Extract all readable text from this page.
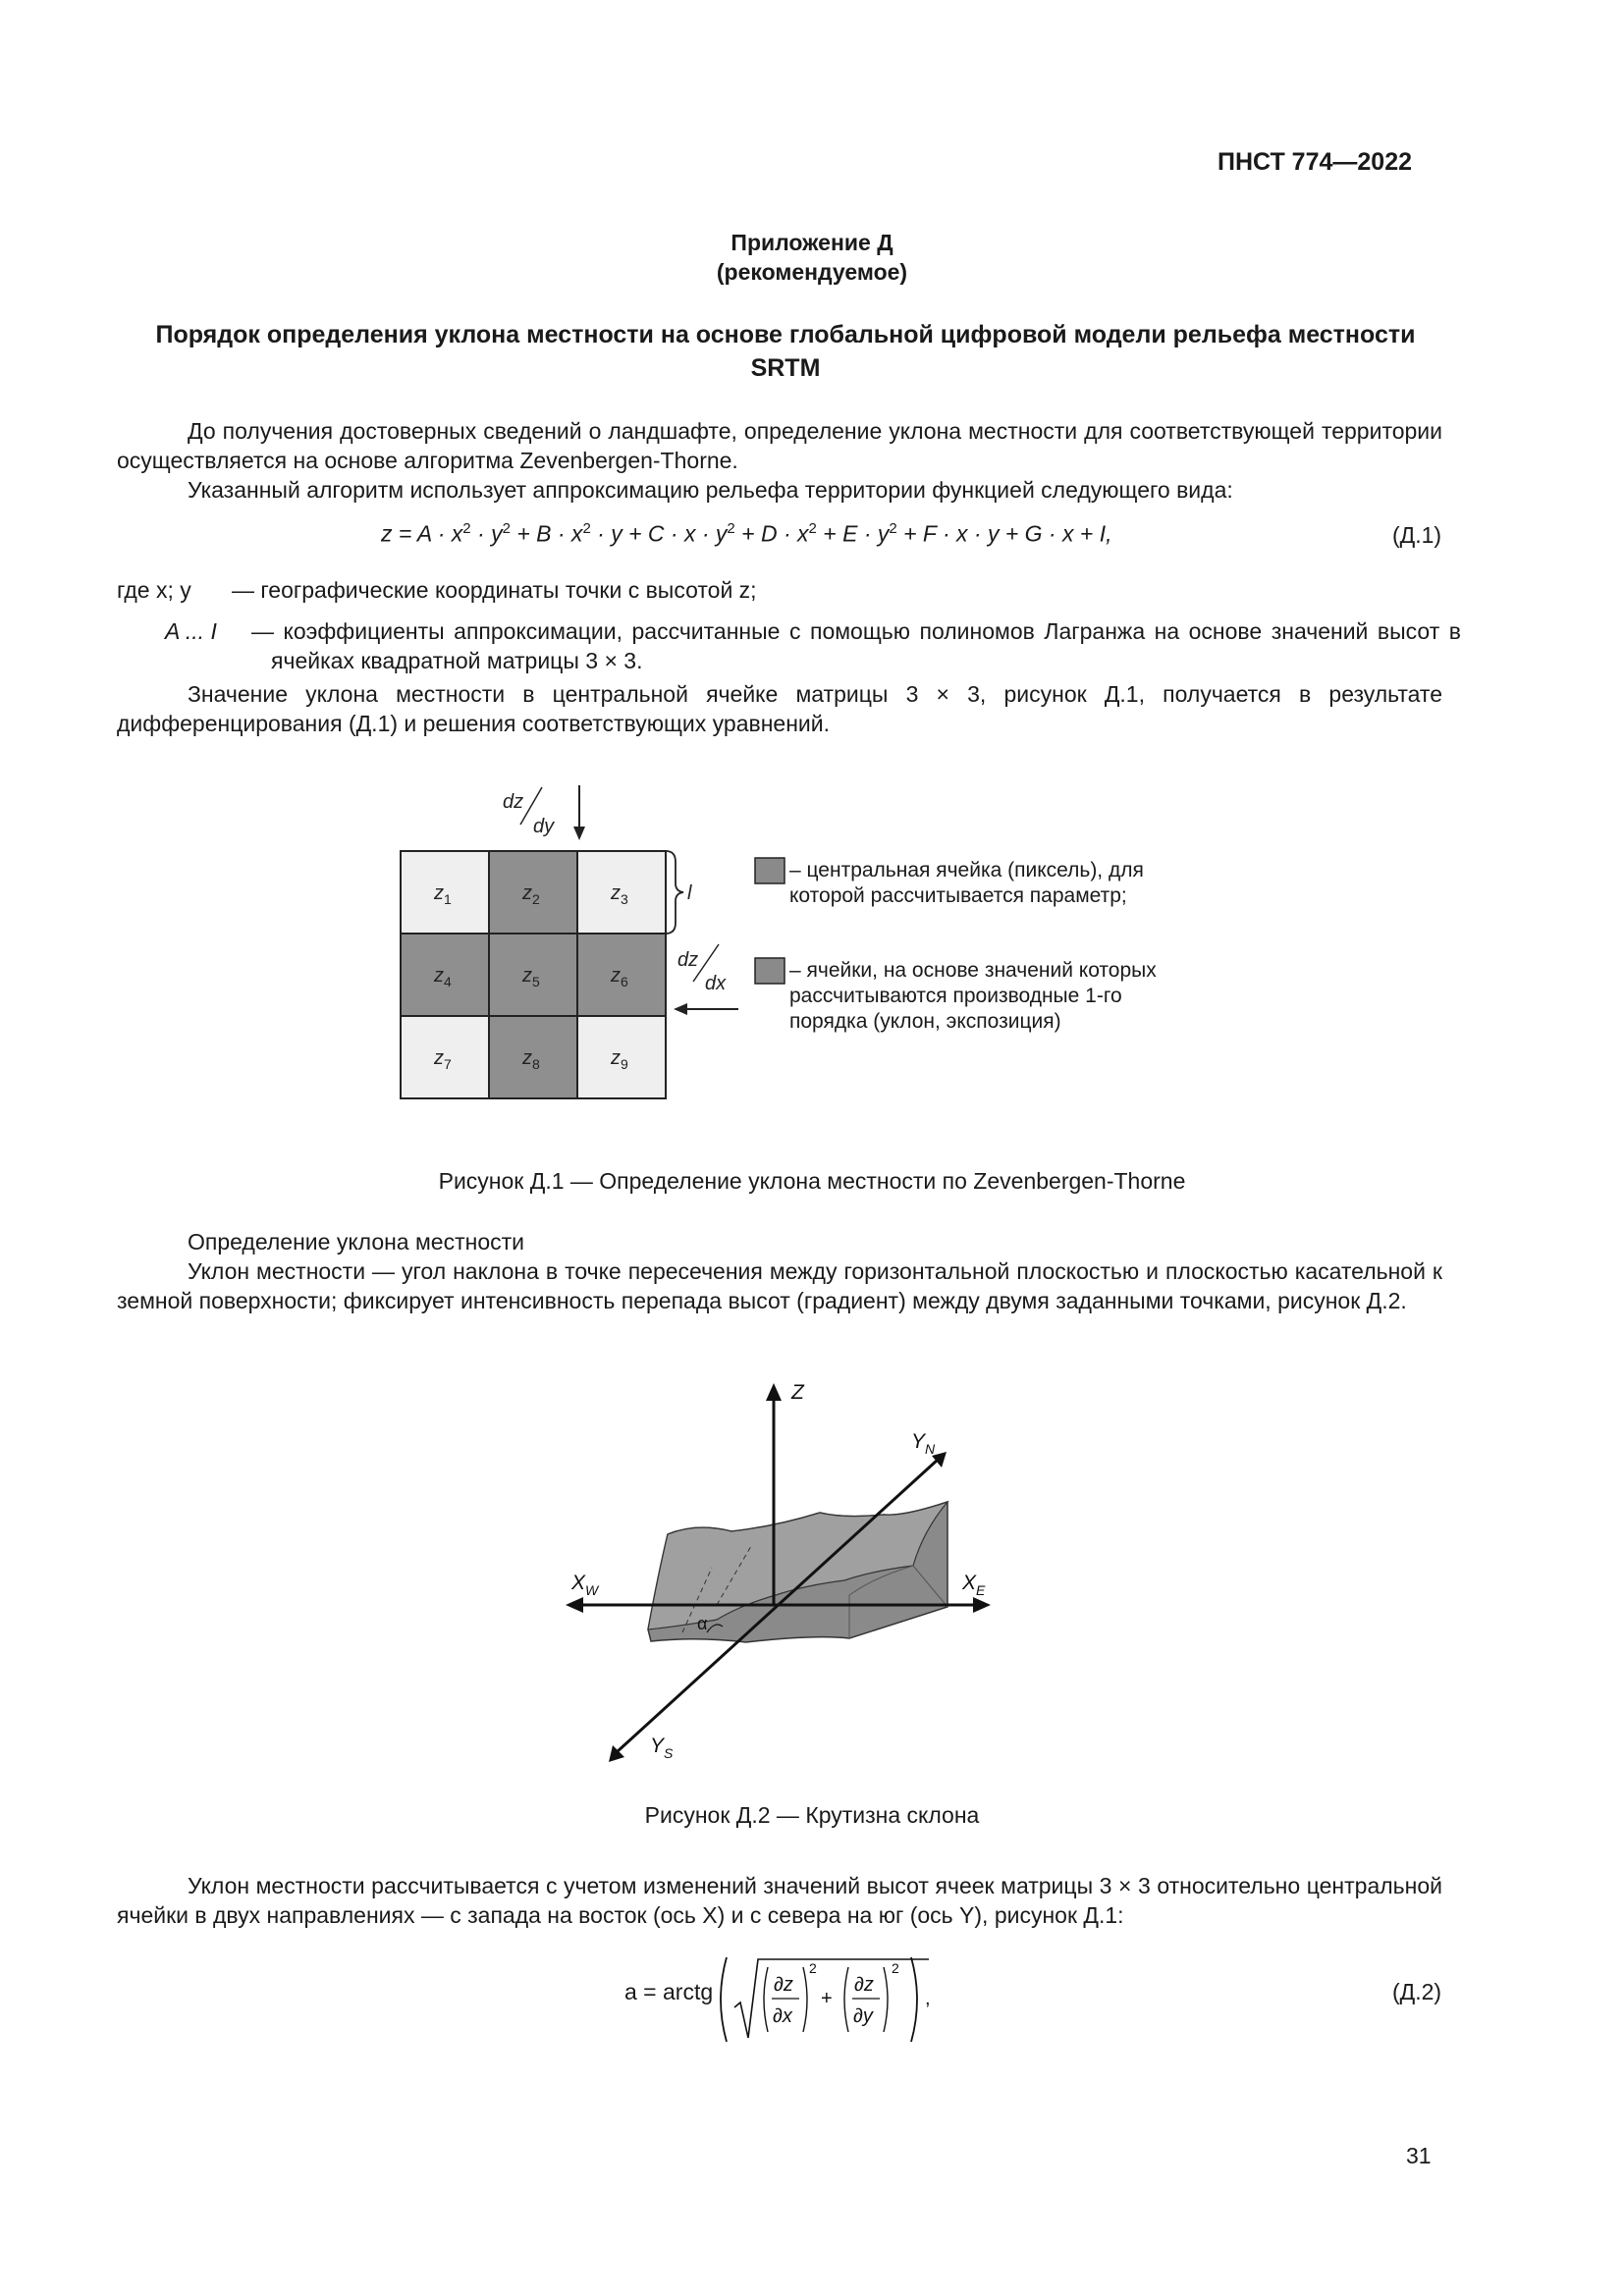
ПНСТ 774—2022
Приложение Д
(рекомендуемое)
Порядок определения уклона местности на основе глобальной цифровой модели рельефа местности SRTM
До получения достоверных сведений о ландшафте, определение уклона местности для соответствующей территории осуществляется на основе алгоритма Zevenbergen-Thorne.
Указанный алгоритм использует аппроксимацию рельефа территории функцией следующего вида:
$z = A \cdot x^2 \cdot y^2 + B \cdot x^2 \cdot y + C \cdot x \cdot y^2 + D \cdot x^2 + E \cdot y^2 + F \cdot x \cdot y + G \cdot x + I$,	(Д.1)
где x; y — географические координаты точки с высотой z;
A ... I — коэффициенты аппроксимации, рассчитанные с помощью полиномов Лагранжа на основе значений высот в ячейках квадратной матрицы 3 × 3.
Значение уклона местности в центральной ячейке матрицы 3 × 3, рисунок Д.1, получается в результате дифференцирования (Д.1) и решения соответствующих уравнений.
$z_1$	$z_2$	$z_3$
$z_4$	$z_5$	$z_6$
$z_7$	$z_8$	$z_9$
dz
dy
l
dz
dx
– центральная ячейка (пиксель), для которой рассчитывается параметр;
– ячейки, на основе значений которых рассчитываются производные 1-го порядка (уклон, экспозиция)
Рисунок Д.1 — Определение уклона местности по Zevenbergen-Thorne
Определение уклона местности
Уклон местности — угол наклона в точке пересечения между горизонтальной плоскостью и плоскостью касательной к земной поверхности; фиксирует интенсивность перепада высот (градиент) между двумя заданными точками, рисунок Д.2.
Z
$Y_N$
$X_W$	$X_E$
$Y_S$
α
Рисунок Д.2 — Крутизна склона
Уклон местности рассчитывается с учетом изменений значений высот ячеек матрицы 3 × 3 относительно центральной ячейки в двух направлениях — с запада на восток (ось X) и с севера на юг (ось Y), рисунок Д.1:
a = arctg	∂z
∂x
2
+
∂z
∂y
2
,	(Д.2)
31
